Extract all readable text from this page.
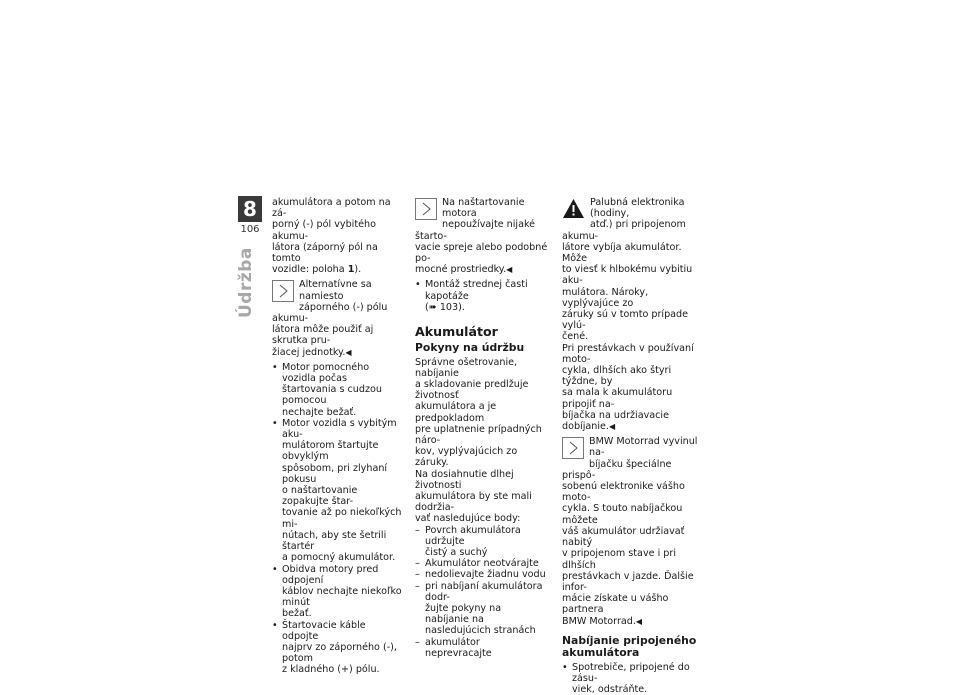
8
106
Údržba

akumulátora a potom na zá-
porný (-) pól vybitého akumu-
látora (záporný pól na tomto
vozidle: poloha 1).

Alternatívne sa namiesto
záporného (-) pólu akumu-
látora môže použiť aj skrutka pru-
žiacej jednotky.◀
• Motor pomocného vozidla počas
štartovania s cudzou pomocou
nechajte bežať.
• Motor vozidla s vybitým aku-
mulátorom štartujte obvyklým
spôsobom, pri zlyhaní pokusu
o naštartovanie zopakujte štar-
tovanie až po niekoľkých mi-
nútach, aby ste šetrili štartér
a pomocný akumulátor.
• Obidva motory pred odpojení
káblov nechajte niekoľko minút
bežať.
• Štartovacie káble odpojte
najprv zo záporného (-), potom
z kladného (+) pólu.
Na naštartovanie motora
nepoužívajte nijaké štarto-
vacie spreje alebo podobné po-
mocné prostriedky.◀
• Montáž strednej časti kapotáže
(➠ 103).
Akumulátor
Pokyny na údržbu

Správne ošetrovanie, nabíjanie
a skladovanie predlžuje životnosť
akumulátora a je predpokladom
pre uplatnenie prípadných náro-
kov, vyplývajúcich zo záruky.
Na dosiahnutie dlhej životnosti
akumulátora by ste mali dodržia-
vať nasledujúce body:

– Povrch akumulátora udržujte
čistý a suchý
– Akumulátor neotvárajte
– nedolievajte žiadnu vodu
– pri nabíjaní akumulátora dodr-
žujte pokyny na nabíjanie na
nasledujúcich stranách
– akumulátor neprevracajte
Palubná elektronika (hodiny,
atď.) pri pripojenom akumu-
látore vybíja akumulátor. Môže
to viesť k hlbokému vybitiu aku-
mulátora. Nároky, vyplývajúce zo
záruky sú v tomto prípade vylú-
čené.
Pri prestávkach v používaní moto-
cykla, dlhších ako štyri týždne, by
sa mala k akumulátoru pripojiť na-
bíjačka na udržiavacie dobíjanie.◀
BMW Motorrad vyvinul na-
bíjačku špeciálne prispô-
sobenú elektronike vášho moto-
cykla. S touto nabíjačkou môžete
váš akumulátor udržiavať nabitý
v pripojenom stave i pri dlhších
prestávkach v jazde. Ďalšie infor-
mácie získate u vášho partnera
BMW Motorrad.◀
Nabíjanie pripojeného
akumulátora
• Spotrebiče, pripojené do zásu-
viek, odstráňte.
